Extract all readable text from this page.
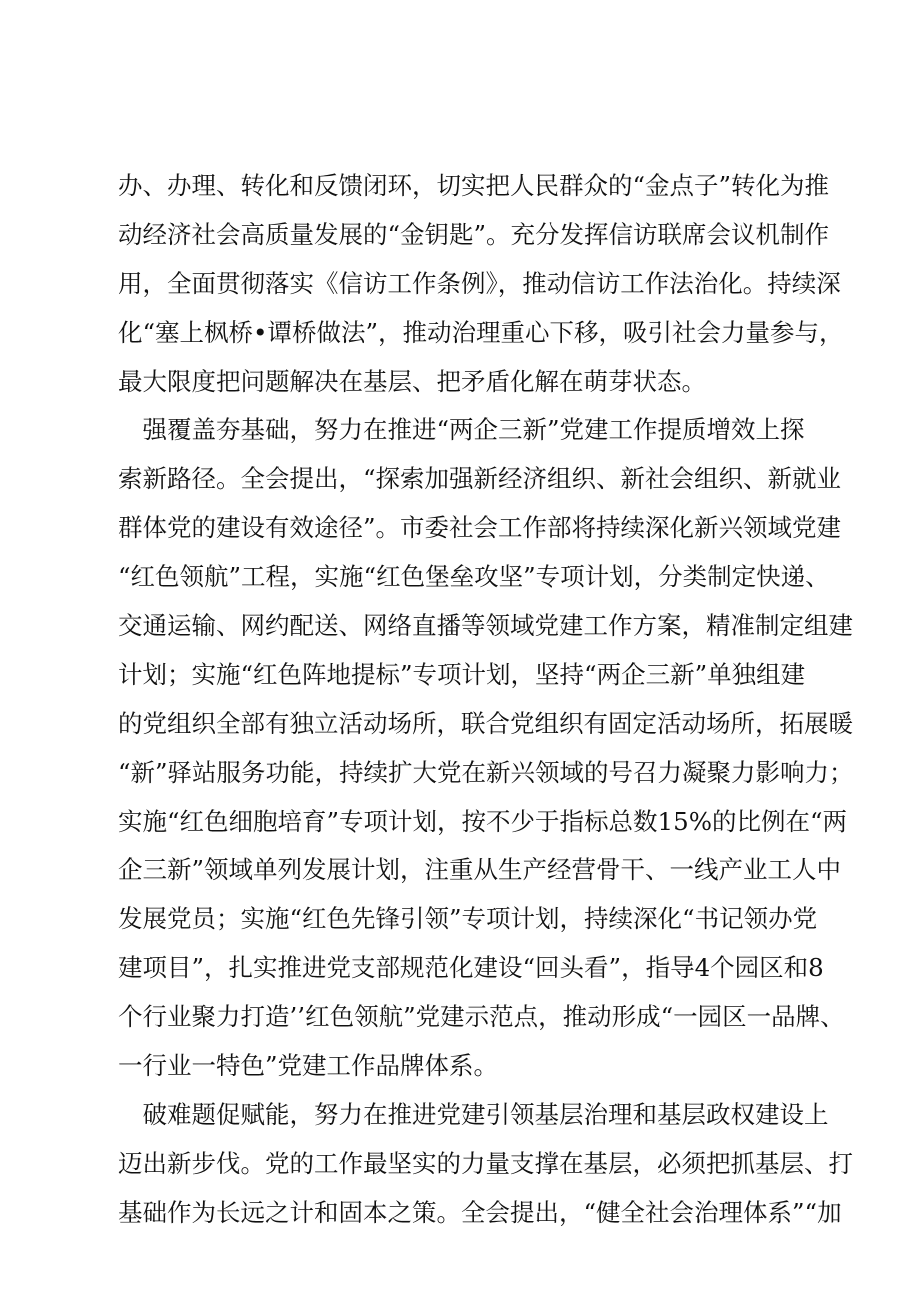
办、办理、转化和反馈闭环，切实把人民群众的“金点子”转化为推
动经济社会高质量发展的“金钥匙”。充分发挥信访联席会议机制作
用，全面贯彻落实《信访工作条例》，推动信访工作法治化。持续深
化“塞上枫桥•谭桥做法”，推动治理重心下移，吸引社会力量参与，
最大限度把问题解决在基层、把矛盾化解在萌芽状态。
　强覆盖夯基础，努力在推进“两企三新”党建工作提质增效上探
索新路径。全会提出，“探索加强新经济组织、新社会组织、新就业
群体党的建设有效途径”。市委社会工作部将持续深化新兴领域党建
“红色领航”工程，实施“红色堡垒攻坚”专项计划，分类制定快递、
交通运输、网约配送、网络直播等领域党建工作方案，精准制定组建
计划；实施“红色阵地提标”专项计划，坚持“两企三新”单独组建
的党组织全部有独立活动场所，联合党组织有固定活动场所，拓展暖
“新”驿站服务功能，持续扩大党在新兴领域的号召力凝聚力影响力；
实施“红色细胞培育”专项计划，按不少于指标总数15%的比例在“两
企三新”领域单列发展计划，注重从生产经营骨干、一线产业工人中
发展党员；实施“红色先锋引领”专项计划，持续深化“书记领办党
建项目”，扎实推进党支部规范化建设“回头看”，指导4个园区和8
个行业聚力打造’’红色领航”党建示范点，推动形成“一园区一品牌、
一行业一特色”党建工作品牌体系。
　破难题促赋能，努力在推进党建引领基层治理和基层政权建设上
迈出新步伐。党的工作最坚实的力量支撑在基层，必须把抓基层、打
基础作为长远之计和固本之策。全会提出，“健全社会治理体系”“加
